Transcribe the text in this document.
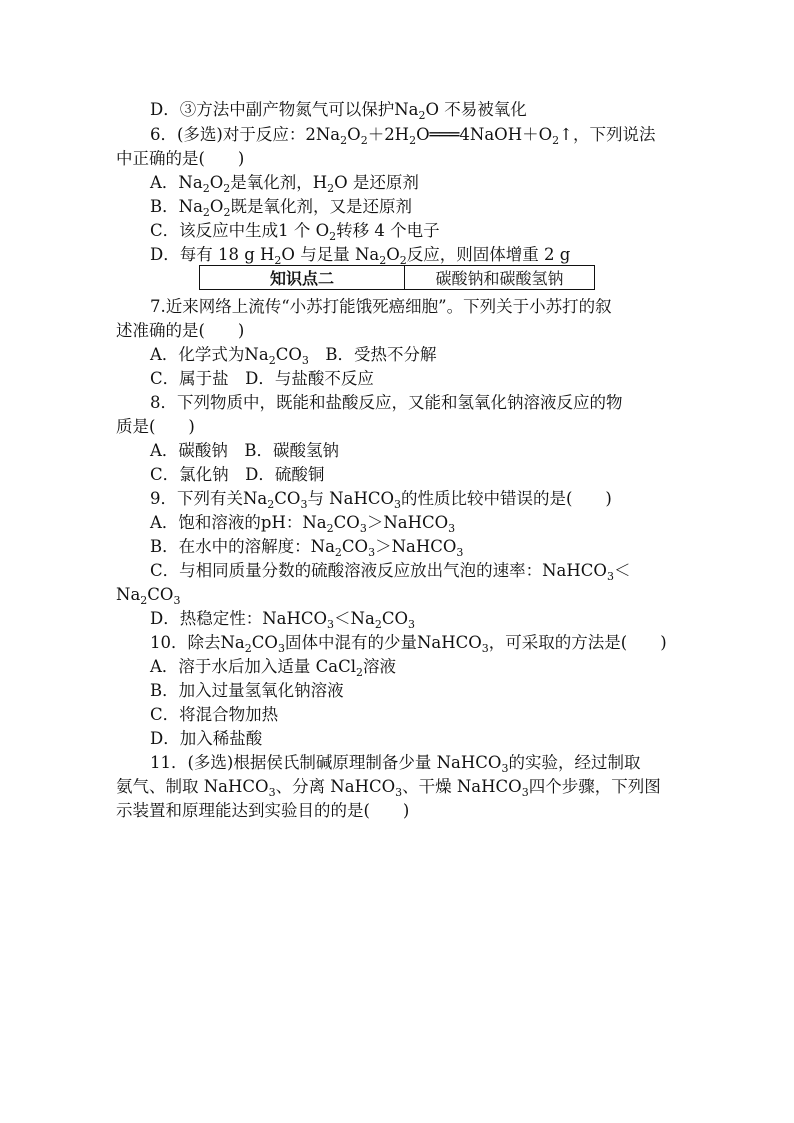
D．③方法中副产物氮气可以保护$Na_2O$ 不易被氧化
6．(多选)对于反应：$2Na_2O_2+2H_2O═══4NaOH+O_2↑$，下列说法
中正确的是(　　)
A．$Na_2O_2$是氧化剂，$H_2O$ 是还原剂
B．$Na_2O_2$既是氧化剂，又是还原剂
C．该反应中生成1 个 $O_2$转移 4 个电子
D．每有 18 g $H_2O$ 与足量 $Na_2O_2$反应，则固体增重 2 g
知识点二	碳酸钠和碳酸氢钠
7.近来网络上流传“小苏打能饿死癌细胞”。下列关于小苏打的叙
述准确的是(　　)
A．化学式为$Na_2CO_3$　B．受热不分解
C．属于盐　D．与盐酸不反应
8．下列物质中，既能和盐酸反应，又能和氢氧化钠溶液反应的物
质是(　　)
A．碳酸钠　B．碳酸氢钠
C．氯化钠　D．硫酸铜
9．下列有关$Na_2CO_3$与 NaHCO$_3$的性质比较中错误的是(　　)
A．饱和溶液的pH：$Na_2CO_3>NaHCO_3$
B．在水中的溶解度：$Na_2CO_3>NaHCO_3$
C．与相同质量分数的硫酸溶液反应放出气泡的速率：NaHCO$_3$＜
$Na_2CO_3$
D．热稳定性：$NaHCO_3<Na_2CO_3$
10．除去$Na_2CO_3$固体中混有的少量NaHCO$_3$，可采取的方法是(　　)
A．溶于水后加入适量 CaCl$_2$溶液
B．加入过量氢氧化钠溶液
C．将混合物加热
D．加入稀盐酸
11．(多选)根据侯氏制碱原理制备少量 NaHCO$_3$的实验，经过制取
氨气、制取 NaHCO$_3$、分离 NaHCO$_3$、干燥 NaHCO$_3$四个步骤，下列图
示装置和原理能达到实验目的的是(　　)
